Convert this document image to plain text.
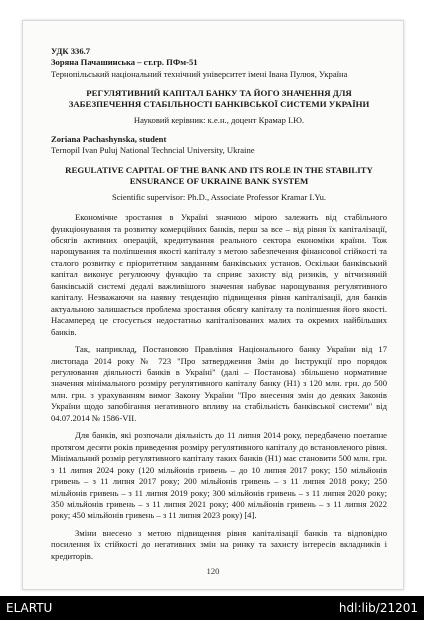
УДК 336.7
Зоряна Пачашинська – ст.гр. ПФм-51
Тернопільський національний технічний університет імені Івана Пулюя, Україна
РЕГУЛЯТИВНИЙ КАПІТАЛ БАНКУ ТА ЙОГО ЗНАЧЕННЯ ДЛЯ
ЗАБЕЗПЕЧЕННЯ СТАБІЛЬНОСТІ БАНКІВСЬКОЇ СИСТЕМИ УКРАЇНИ
Науковий керівник: к.е.н., доцент Крамар І.Ю.
Zoriana Pachashynska, student
Ternopil Ivan Puluj National Techncial University, Ukraine
REGULATIVE CAPITAL OF THE BANK AND ITS ROLE IN THE STABILITY
ENSURANCE OF UKRAINE BANK SYSTEM
Scientific supervisor: Ph.D., Associate Professor Kramar I.Yu.

Економічне зростання в Україні значною мірою залежить від стабільного функціонування та розвитку комерційних банків, перш за все – від рівня їх капіталізації, обсягів активних операцій, кредитування реального сектора економіки країни. Тож нарощування та поліпшення якості капіталу з метою забезпечення фінансової стійкості та сталого розвитку є пріоритетним завданням банківських установ. Оскільки банківський капітал виконує регулюючу функцію та сприяє захисту від ризиків, у вітчизняній банківській системі дедалі важливішого значення набуває нарощування регулятивного капіталу. Незважаючи на наявну тенденцію підвищення рівня капіталізації, для банків актуальною залишається проблема зростання обсягу капіталу та поліпшення його якості. Насамперед це стосується недостатньо капіталізованих малих та окремих найбільших банків.

Так, наприклад, Постановою Правління Національного банку України від 17 листопада 2014 року № 723 "Про затвердження Змін до Інструкції про порядок регулювання діяльності банків в Україні" (далі – Постанова) збільшено нормативне значення мінімального розміру регулятивного капіталу банку (Н1) з 120 млн. грн. до 500 млн. грн. з урахуванням вимог Закону України "Про внесення змін до деяких Законів України щодо запобігання негативного впливу на стабільність банківської системи" від 04.07.2014 № 1586-VII.

Для банків, які розпочали діяльність до 11 липня 2014 року, передбачено поетапне протягом десяти років приведення розміру регулятивного капіталу до встановленого рівня. Мінімальний розмір регулятивного капіталу таких банків (Н1) має становити 500 млн. грн. з 11 липня 2024 року (120 мільйонів гривень – до 10 липня 2017 року; 150 мільйонів гривень – з 11 липня 2017 року; 200 мільйонів гривень – з 11 липня 2018 року; 250 мільйонів гривень – з 11 липня 2019 року; 300 мільйонів гривень – з 11 липня 2020 року; 350 мільйонів гривень – з 11 липня 2021 року; 400 мільйонів гривень – з 11 липня 2022 року; 450 мільйонів гривень – з 11 липня 2023 року) [4].

Зміни внесено з метою підвищення рівня капіталізації банків та відповідно посилення їх стійкості до негативних змін на ринку та захисту інтересів вкладників і кредиторів.

120
ELARTU	hdl:lib/21201
